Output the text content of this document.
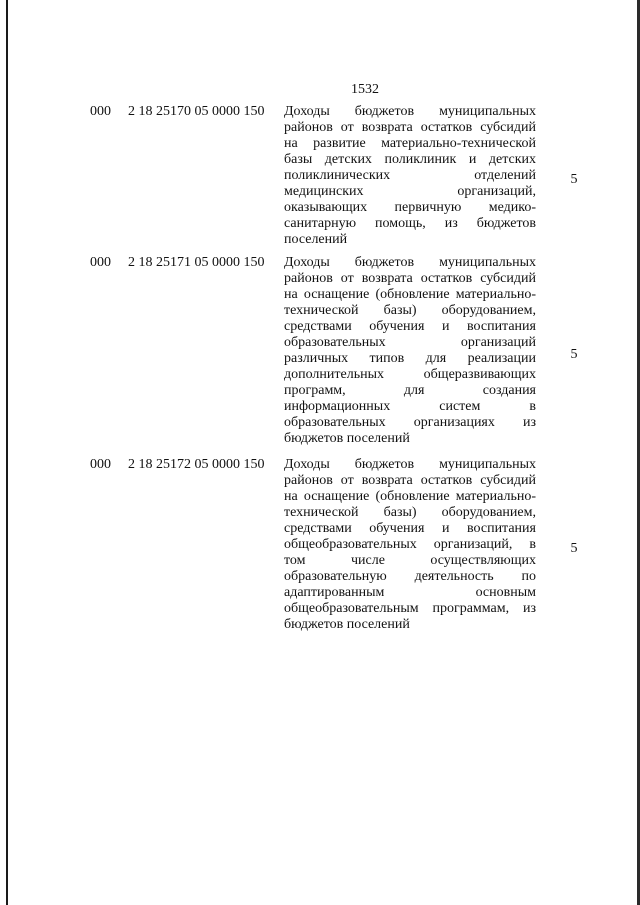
1532
000 2 18 25170 05 0000 150 Доходы бюджетов муниципальных
районов от возврата остатков субсидий
на развитие материально-технической
базы детских поликлиник и детских
поликлинических отделений
медицинских организаций,
оказывающих первичную медико-
санитарную помощь, из бюджетов
поселений
5
000 2 18 25171 05 0000 150 Доходы бюджетов муниципальных
районов от возврата остатков субсидий
на оснащение (обновление материально-
технической базы) оборудованием,
средствами обучения и воспитания
образовательных организаций
различных типов для реализации
дополнительных общеразвивающих
программ, для создания
информационных систем в
образовательных организациях из
бюджетов поселений
5
000 2 18 25172 05 0000 150 Доходы бюджетов муниципальных
районов от возврата остатков субсидий
на оснащение (обновление материально-
технической базы) оборудованием,
средствами обучения и воспитания
общеобразовательных организаций, в
том числе осуществляющих
образовательную деятельность по
адаптированным основным
общеобразовательным программам, из
бюджетов поселений
5
